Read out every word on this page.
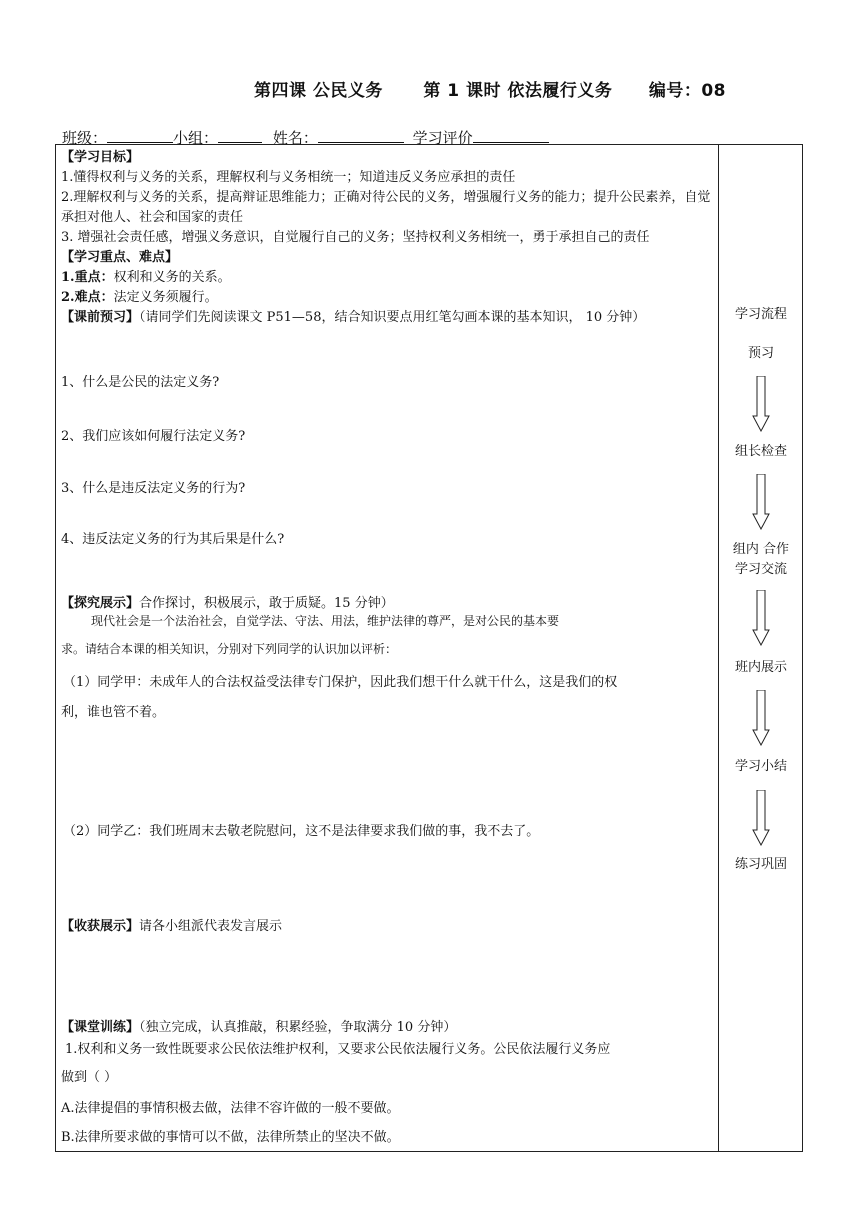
第四课 公民义务 第 1 课时 依法履行义务 编号：08
班级：	小组：	姓名：	学习评价

【学习目标】

1.懂得权利与义务的关系，理解权利与义务相统一；知道违反义务应承担的责任

2.理解权利与义务的关系，提高辩证思维能力；正确对待公民的义务，增强履行义务的能力；提升公民素养，自觉承担对他人、社会和国家的责任

3. 增强社会责任感，增强义务意识，自觉履行自己的义务；坚持权利义务相统一，勇于承担自己的责任

【学习重点、难点】

1.重点：权利和义务的关系。

2.难点：法定义务须履行。

【课前预习】（请同学们先阅读课文 P51—58，结合知识要点用红笔勾画本课的基本知识， 10 分钟）

1、什么是公民的法定义务?
2、我们应该如何履行法定义务?
3、什么是违反法定义务的行为?
4、违反法定义务的行为其后果是什么?
【探究展示】合作探讨，积极展示，敢于质疑。15 分钟）
现代社会是一个法治社会，自觉学法、守法、用法，维护法律的尊严，是对公民的基本要
求。请结合本课的相关知识，分别对下列同学的认识加以评析：
（1）同学甲：未成年人的合法权益受法律专门保护，因此我们想干什么就干什么，这是我们的权
利，谁也管不着。
（2）同学乙：我们班周末去敬老院慰问，这不是法律要求我们做的事，我不去了。
【收获展示】请各小组派代表发言展示
【课堂训练】（独立完成，认真推敲，积累经验，争取满分 10 分钟）
1.权利和义务一致性既要求公民依法维护权利，又要求公民依法履行义务。公民依法履行义务应
做到（ ）
A.法律提倡的事情积极去做，法律不容许做的一般不要做。
B.法律所要求做的事情可以不做，法律所禁止的坚决不做。
学习流程
预习
组长检查
组内 合作
学习交流
班内展示
学习小结
练习巩固
